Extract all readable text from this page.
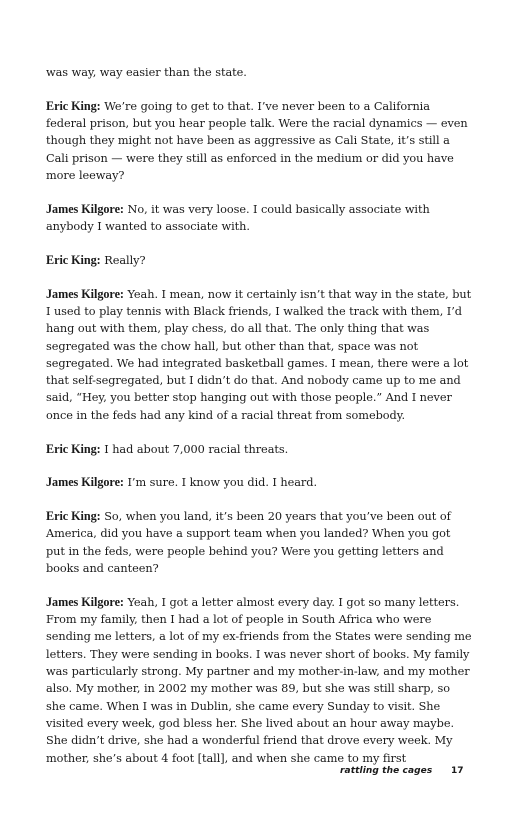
was way, way easier than the state.

Eric King: We’re going to get to that. I’ve never been to a California federal prison, but you hear people talk. Were the racial dynamics — even though they might not have been as aggressive as Cali State, it’s still a Cali prison — were they still as enforced in the medium or did you have more leeway?

James Kilgore: No, it was very loose. I could basically associate with anybody I wanted to associate with.

Eric King: Really?

James Kilgore: Yeah. I mean, now it certainly isn’t that way in the state, but I used to play tennis with Black friends, I walked the track with them, I’d hang out with them, play chess, do all that. The only thing that was segregated was the chow hall, but other than that, space was not segregated. We had integrated basketball games. I mean, there were a lot that self-segregated, but I didn’t do that. And nobody came up to me and said, “Hey, you better stop hanging out with those people.” And I never once in the feds had any kind of a racial threat from somebody.

Eric King: I had about 7,000 racial threats.

James Kilgore: I’m sure. I know you did. I heard.

Eric King: So, when you land, it’s been 20 years that you’ve been out of America, did you have a support team when you landed? When you got put in the feds, were people behind you? Were you getting letters and books and canteen?

James Kilgore: Yeah, I got a letter almost every day. I got so many letters. From my family, then I had a lot of people in South Africa who were sending me letters, a lot of my ex-friends from the States were sending me letters. They were sending in books. I was never short of books. My family was particularly strong. My partner and my mother-in-law, and my mother also. My mother, in 2002 my mother was 89, but she was still sharp, so she came. When I was in Dublin, she came every Sunday to visit. She visited every week, god bless her. She lived about an hour away maybe. She didn’t drive, she had a wonderful friend that drove every week. My mother, she’s about 4 foot [tall], and when she came to my first

rattling the cages 17
